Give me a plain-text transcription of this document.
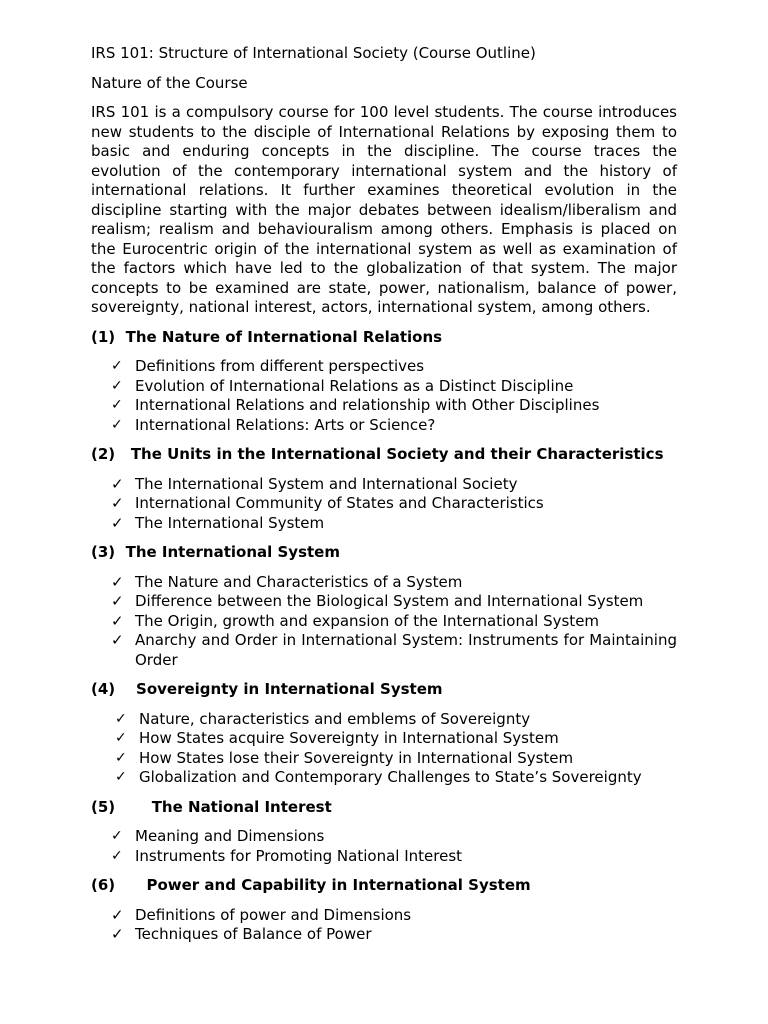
IRS 101: Structure of International Society (Course Outline)

Nature of the Course

IRS 101 is a compulsory course for 100 level students. The course introduces new students to the disciple of International Relations by exposing them to basic and enduring concepts in the discipline. The course traces the evolution of the contemporary international system and the history of international relations. It further examines theoretical evolution in the discipline starting with the major debates between idealism/liberalism and realism; realism and behaviouralism among others. Emphasis is placed on the Eurocentric origin of the international system as well as examination of the factors which have led to the globalization of that system. The major concepts to be examined are state, power, nationalism, balance of power, sovereignty, national interest, actors, international system, among others.

(1)  The Nature of International Relations

✓ Definitions from different perspectives
✓ Evolution of International Relations as a Distinct Discipline
✓ International Relations and relationship with Other Disciplines
✓ International Relations: Arts or Science?

(2)   The Units in the International Society and their Characteristics

✓ The International System and International Society
✓ International Community of States and Characteristics
✓ The International System

(3)  The International System

✓ The Nature and Characteristics of a System
✓ Difference between the Biological System and International System
✓ The Origin, growth and expansion of the International System
✓ Anarchy and Order in International System: Instruments for Maintaining Order

(4)    Sovereignty in International System

✓ Nature, characteristics and emblems of Sovereignty
✓ How States acquire Sovereignty in International System
✓ How States lose their Sovereignty in International System
✓ Globalization and Contemporary Challenges to State’s Sovereignty

(5)       The National Interest

✓ Meaning and Dimensions
✓ Instruments for Promoting National Interest

(6)      Power and Capability in International System

✓ Definitions of power and Dimensions
✓ Techniques of Balance of Power
